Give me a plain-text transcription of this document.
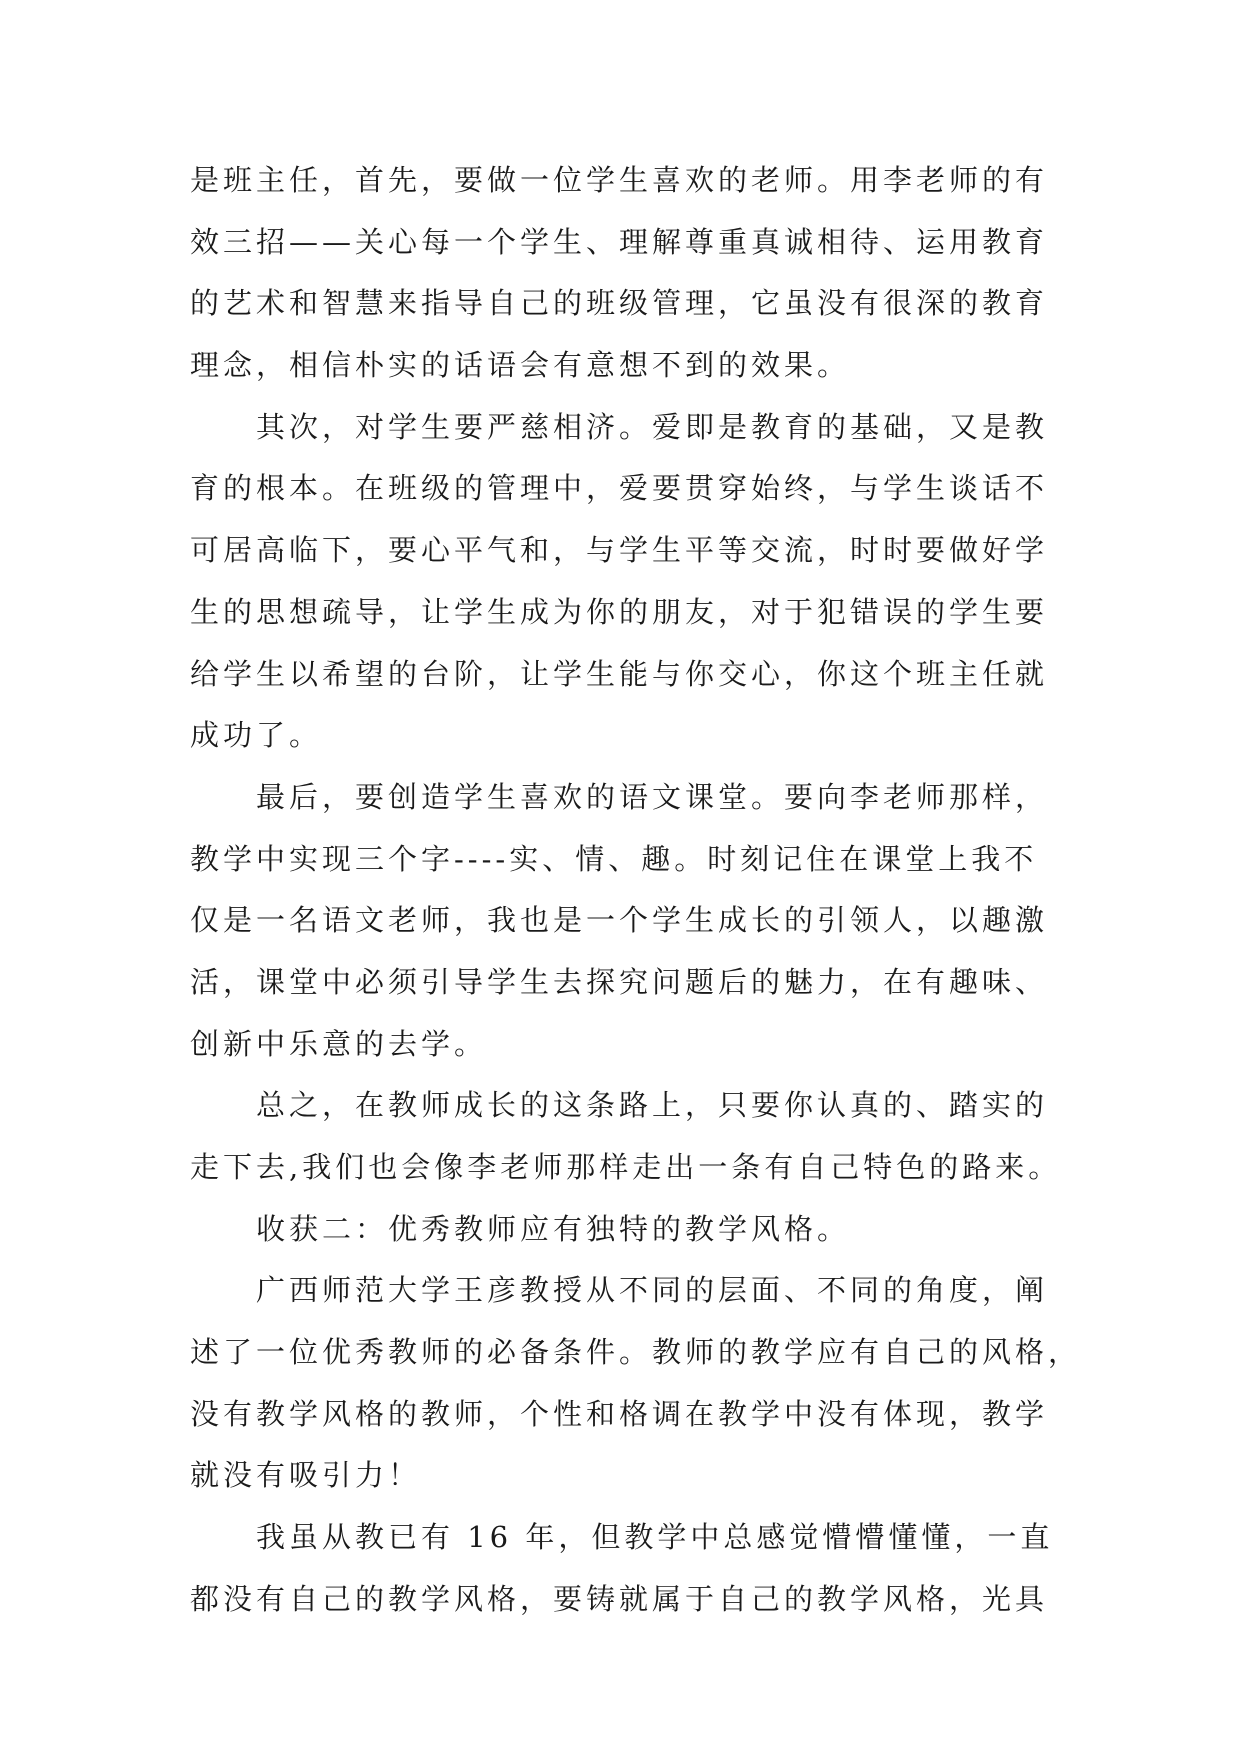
是班主任，首先，要做一位学生喜欢的老师。用李老师的有
效三招——关心每一个学生、理解尊重真诚相待、运用教育
的艺术和智慧来指导自己的班级管理，它虽没有很深的教育
理念，相信朴实的话语会有意想不到的效果。
其次，对学生要严慈相济。爱即是教育的基础，又是教
育的根本。在班级的管理中，爱要贯穿始终，与学生谈话不
可居高临下，要心平气和，与学生平等交流，时时要做好学
生的思想疏导，让学生成为你的朋友，对于犯错误的学生要
给学生以希望的台阶，让学生能与你交心，你这个班主任就
成功了。
最后，要创造学生喜欢的语文课堂。要向李老师那样，
教学中实现三个字----实、情、趣。时刻记住在课堂上我不
仅是一名语文老师，我也是一个学生成长的引领人，以趣激
活，课堂中必须引导学生去探究问题后的魅力，在有趣味、
创新中乐意的去学。
总之，在教师成长的这条路上，只要你认真的、踏实的
走下去,我们也会像李老师那样走出一条有自己特色的路来。
收获二：优秀教师应有独特的教学风格。
广西师范大学王彦教授从不同的层面、不同的角度，阐
述了一位优秀教师的必备条件。教师的教学应有自己的风格，
没有教学风格的教师，个性和格调在教学中没有体现，教学
就没有吸引力！
我虽从教已有 16 年，但教学中总感觉懵懵懂懂，一直
都没有自己的教学风格，要铸就属于自己的教学风格，光具
